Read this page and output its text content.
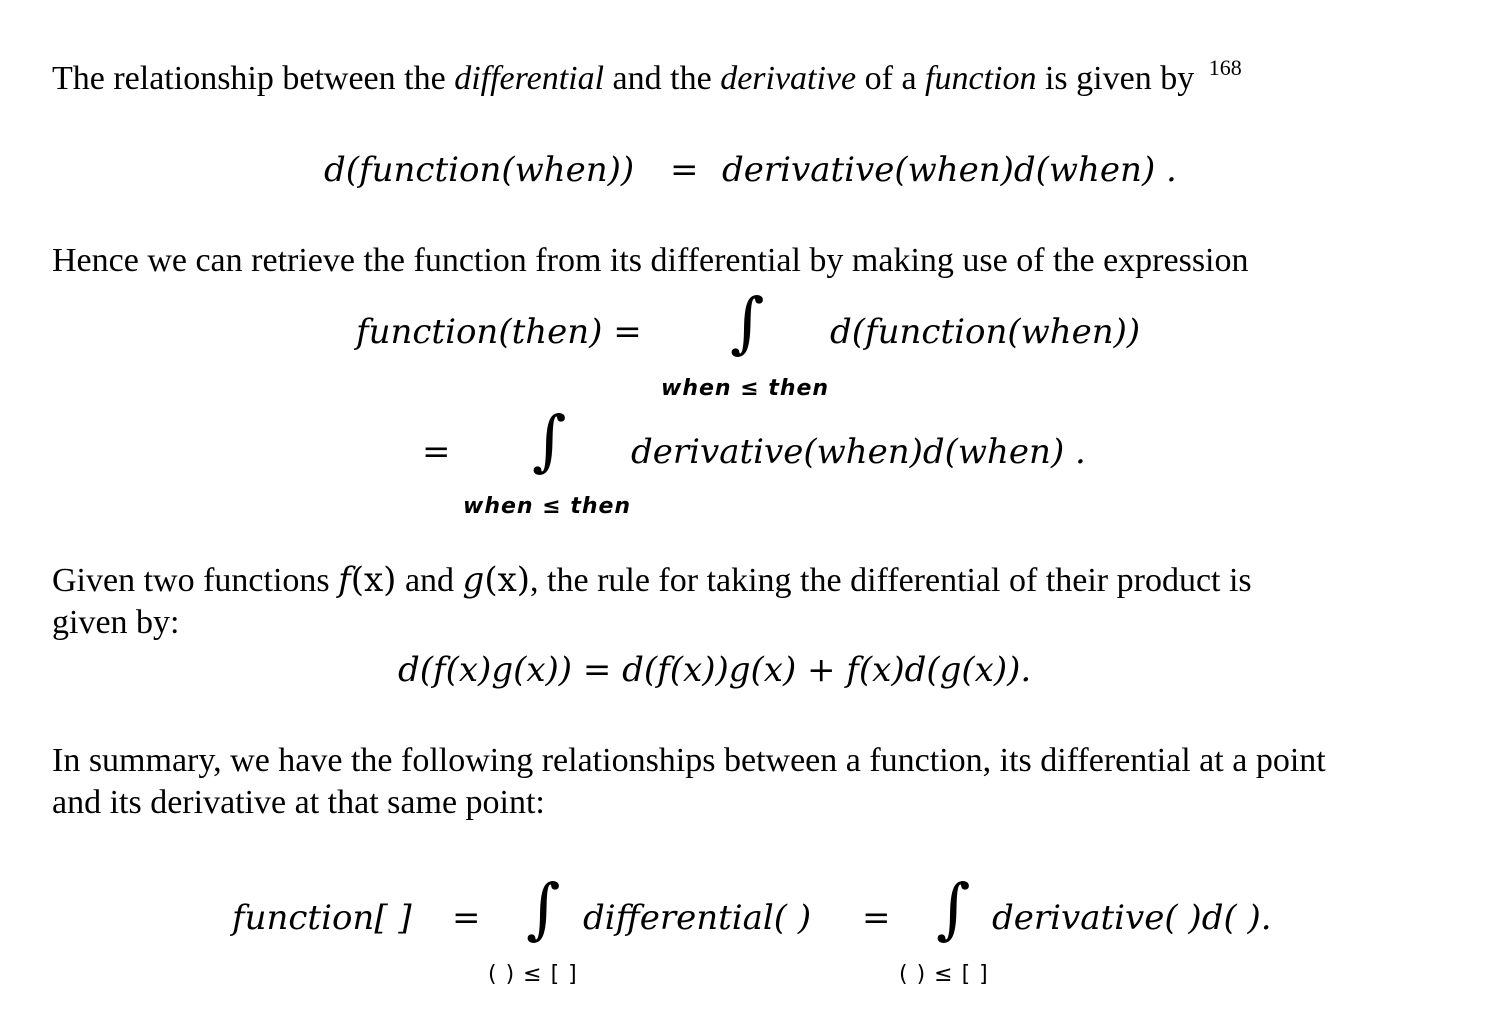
The relationship between the differential and the derivative of a function is given by $^{168}$
d(function(when)) = derivative(when)d(when) .
Hence we can retrieve the function from its differential by making use of the expression
function(then) = ∫
when ≤ then
d(function(when))
= ∫
when ≤ then
derivative(when)d(when) .
Given two functions f(x) and g(x), the rule for taking the differential of their product is
given by:
d(f(x)g(x)) = d(f(x))g(x) + f(x)d(g(x)).
In summary, we have the following relationships between a function, its differential at a point
and its derivative at that same point:
function[ ] = ∫
( ) ≤ [ ]
differential( ) = ∫
( ) ≤ [ ]
derivative( )d( ).
